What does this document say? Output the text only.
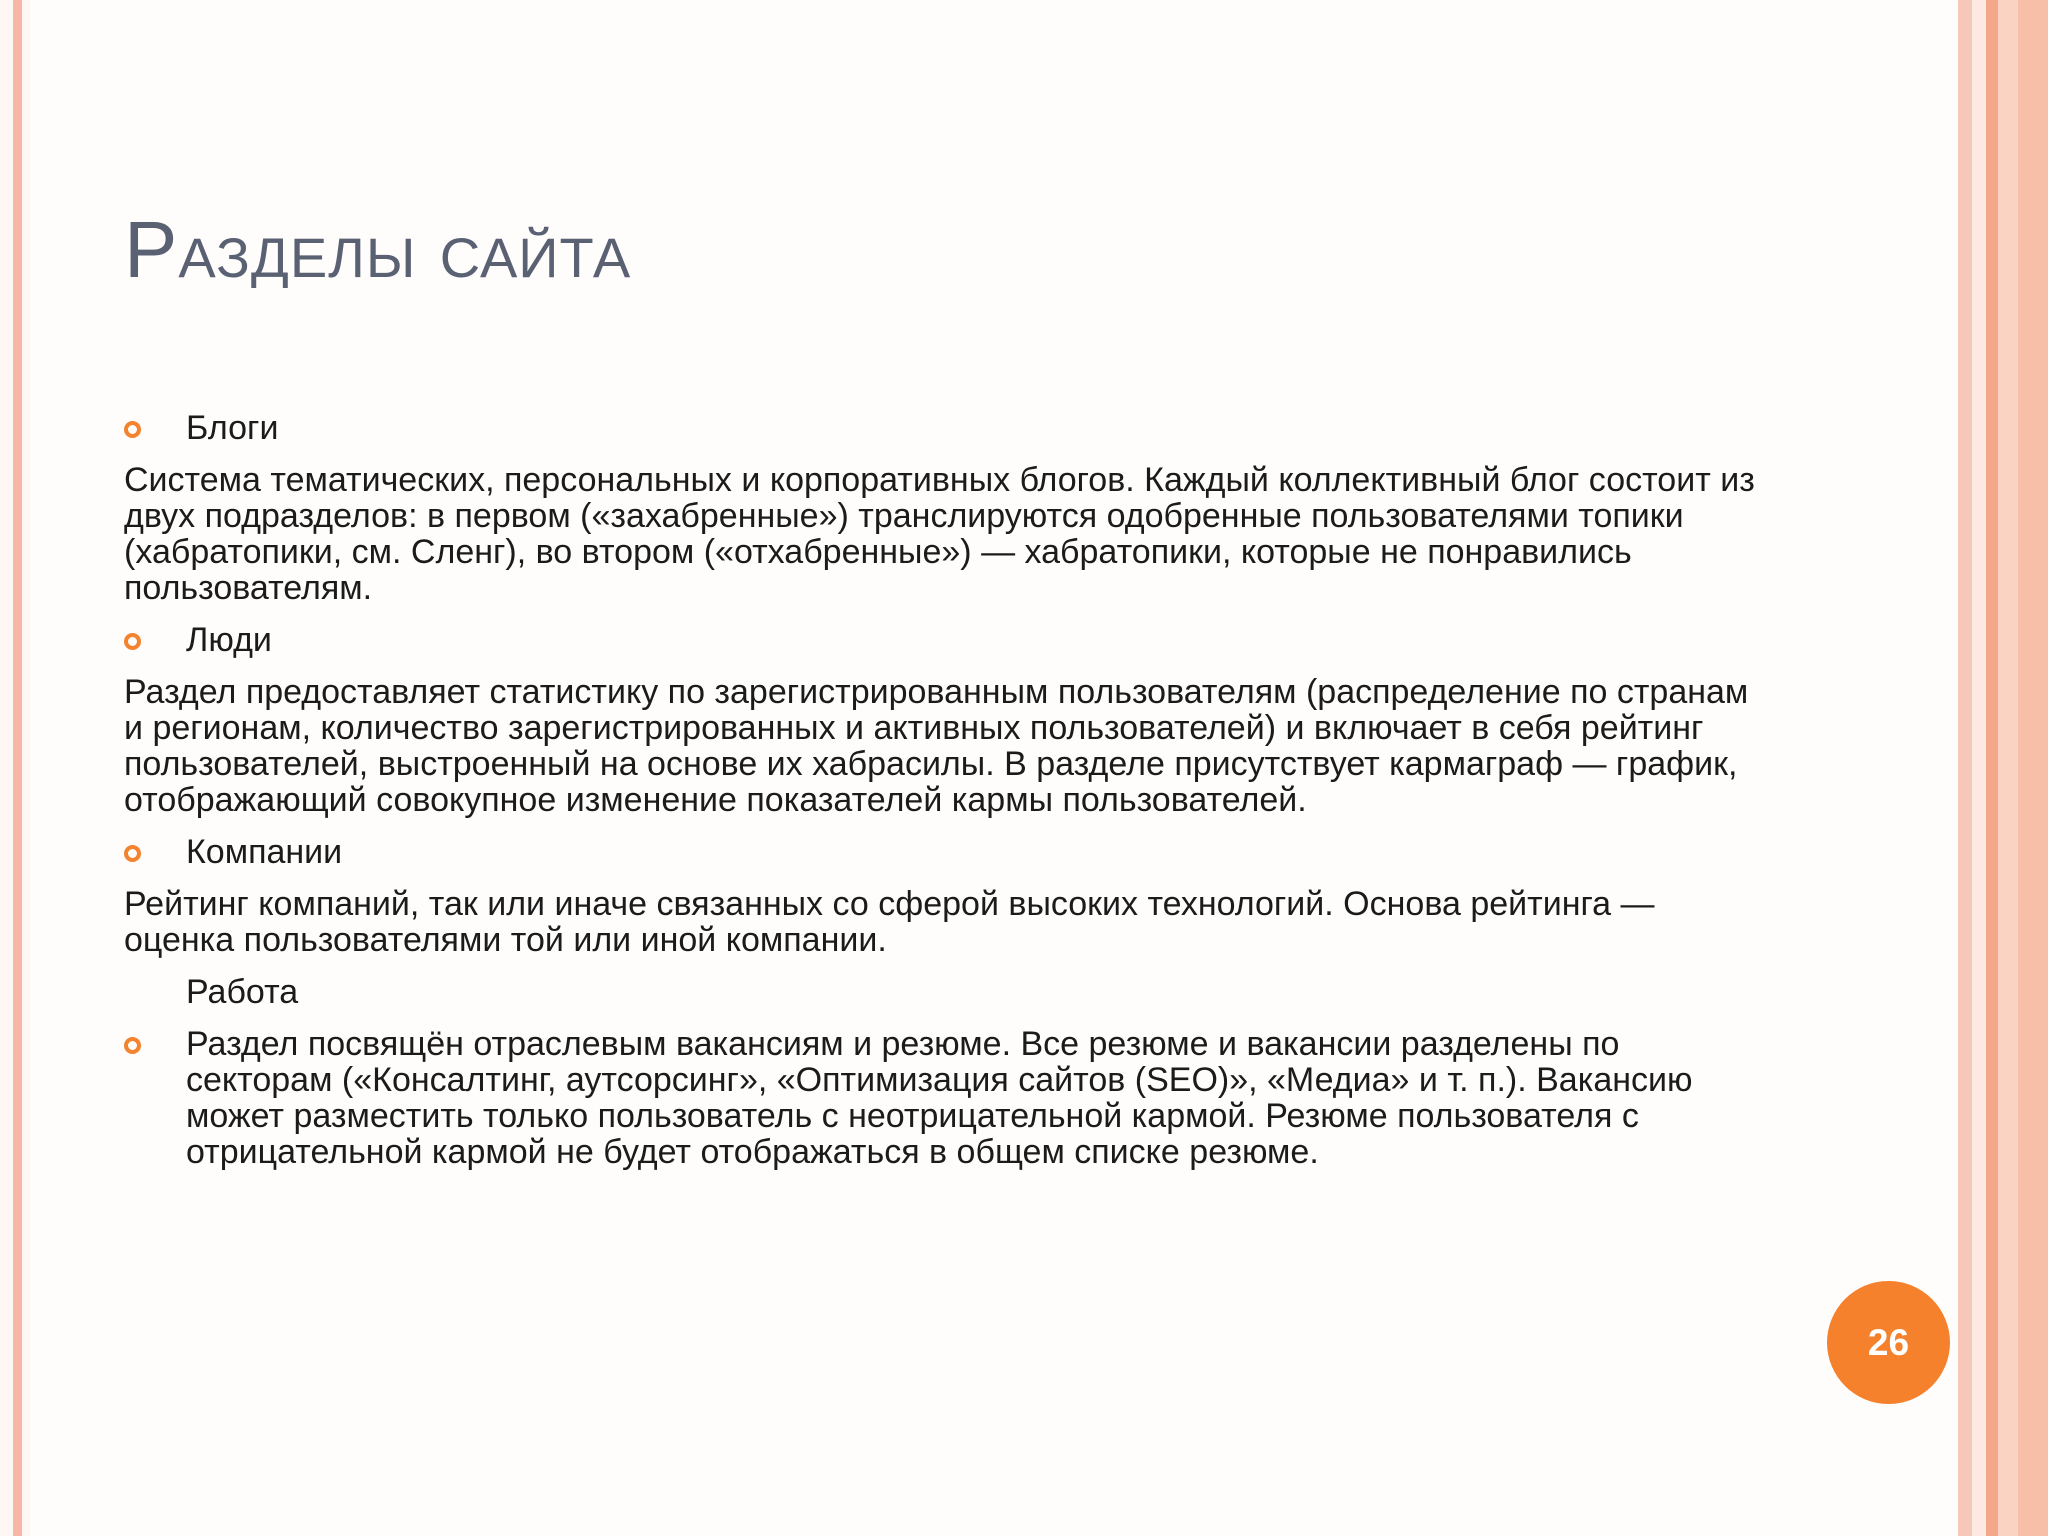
Разделы сайта
Блоги
Система тематических, персональных и корпоративных блогов. Каждый коллективный блог состоит из двух подразделов: в первом («захабренные») транслируются одобренные пользователями топики (хабратопики, см. Сленг), во втором («отхабренные») — хабратопики, которые не понравились пользователям.
Люди
Раздел предоставляет статистику по зарегистрированным пользователям (распределение по странам и регионам, количество зарегистрированных и активных пользователей) и включает в себя рейтинг пользователей, выстроенный на основе их хабрасилы. В разделе присутствует кармаграф — график, отображающий совокупное изменение показателей кармы пользователей.
Компании
Рейтинг компаний, так или иначе связанных со сферой высоких технологий. Основа рейтинга — оценка пользователями той или иной компании.
Работа
Раздел посвящён отраслевым вакансиям и резюме. Все резюме и вакансии разделены по секторам («Консалтинг, аутсорсинг», «Оптимизация сайтов (SEO)», «Медиа» и т. п.). Вакансию может разместить только пользователь с неотрицательной кармой. Резюме пользователя с отрицательной кармой не будет отображаться в общем списке резюме.
26
